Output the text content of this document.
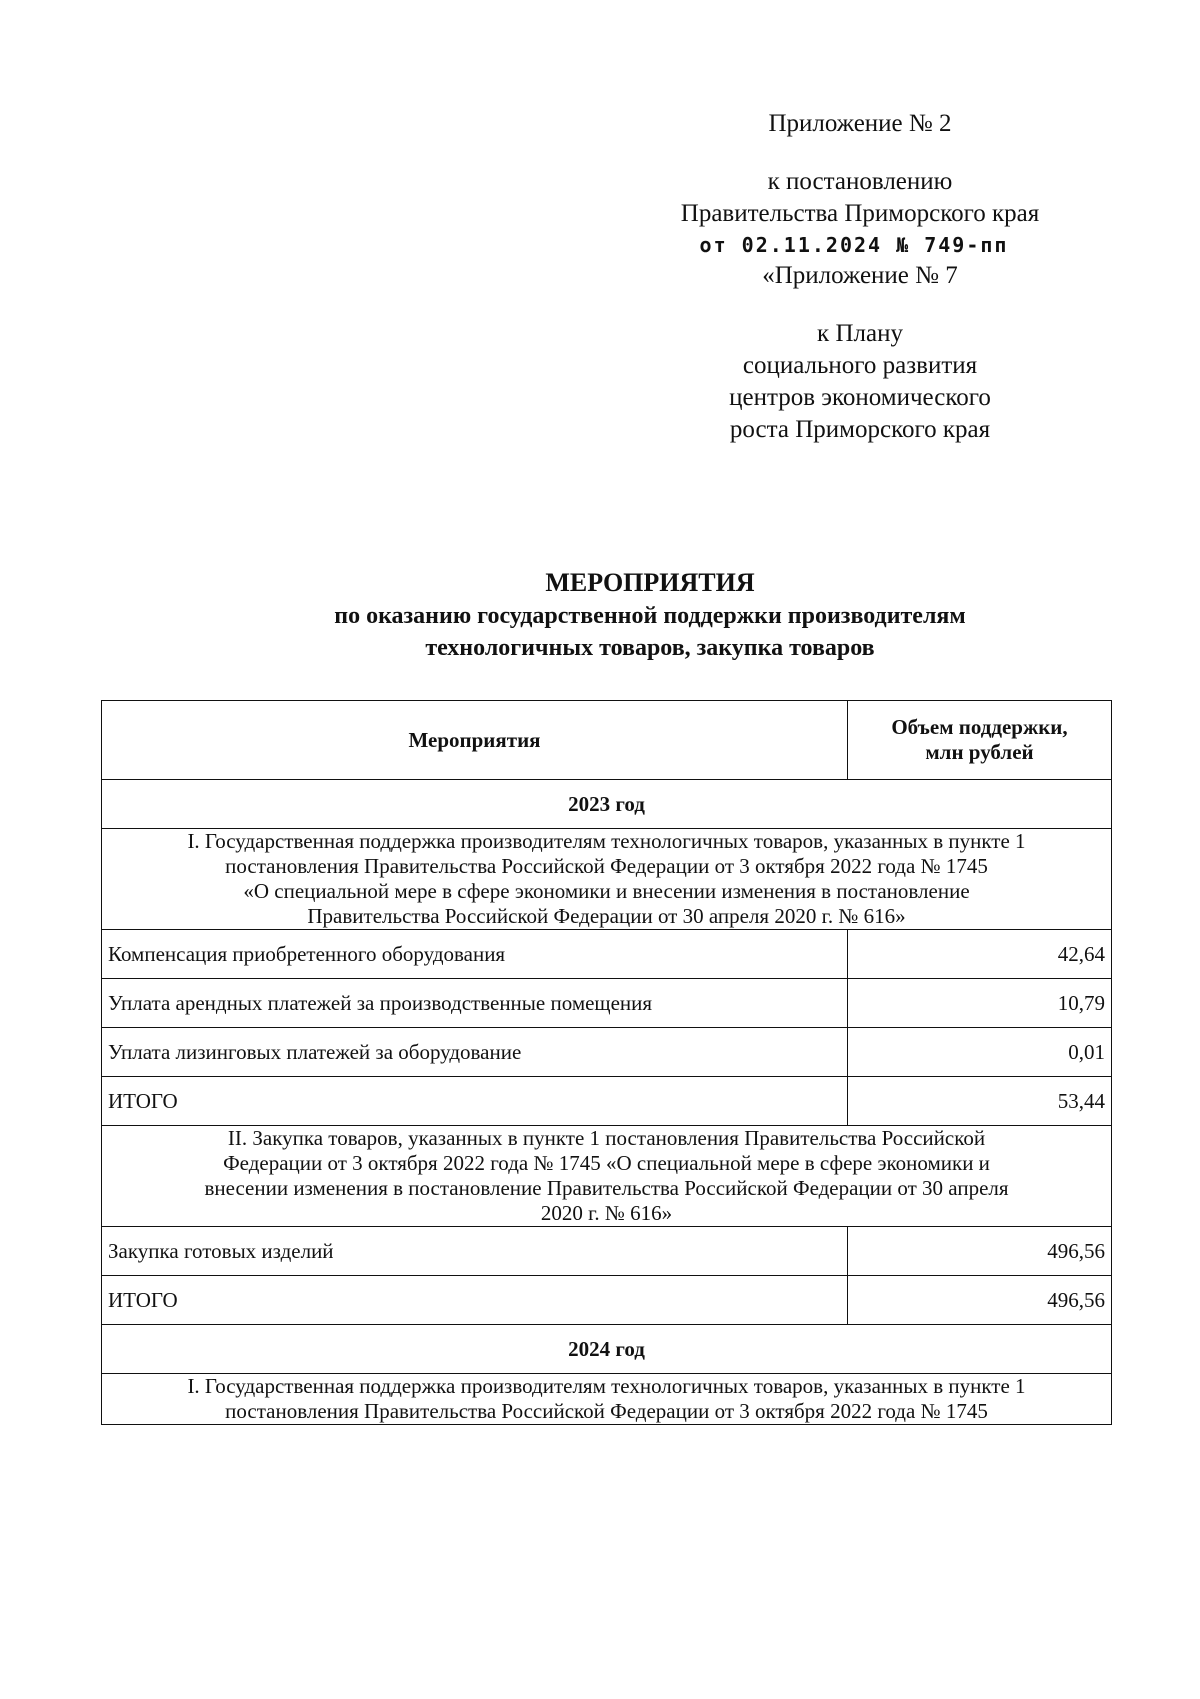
Приложение № 2
к постановлению
Правительства Приморского края
от 02.11.2024 № 749-пп
«Приложение № 7
к Плану
социального развития
центров экономического
роста Приморского края
МЕРОПРИЯТИЯ
по оказанию государственной поддержки производителям
технологичных товаров, закупка товаров
Мероприятия	Объем поддержки,
млн рублей
2023 год	
I. Государственная поддержка производителям технологичных товаров, указанных в пункте 1
постановления Правительства Российской Федерации от 3 октября 2022 года № 1745
«О специальной мере в сфере экономики и внесении изменения в постановление
Правительства Российской Федерации от 30 апреля 2020 г. № 616»	
Компенсация приобретенного оборудования	42,64
Уплата арендных платежей за производственные помещения	10,79
Уплата лизинговых платежей за оборудование	0,01
ИТОГО	53,44
II. Закупка товаров, указанных в пункте 1 постановления Правительства Российской
Федерации от 3 октября 2022 года № 1745 «О специальной мере в сфере экономики и
внесении изменения в постановление Правительства Российской Федерации от 30 апреля
2020 г. № 616»	
Закупка готовых изделий	496,56
ИТОГО	496,56
2024 год	
I. Государственная поддержка производителям технологичных товаров, указанных в пункте 1
постановления Правительства Российской Федерации от 3 октября 2022 года № 1745	
